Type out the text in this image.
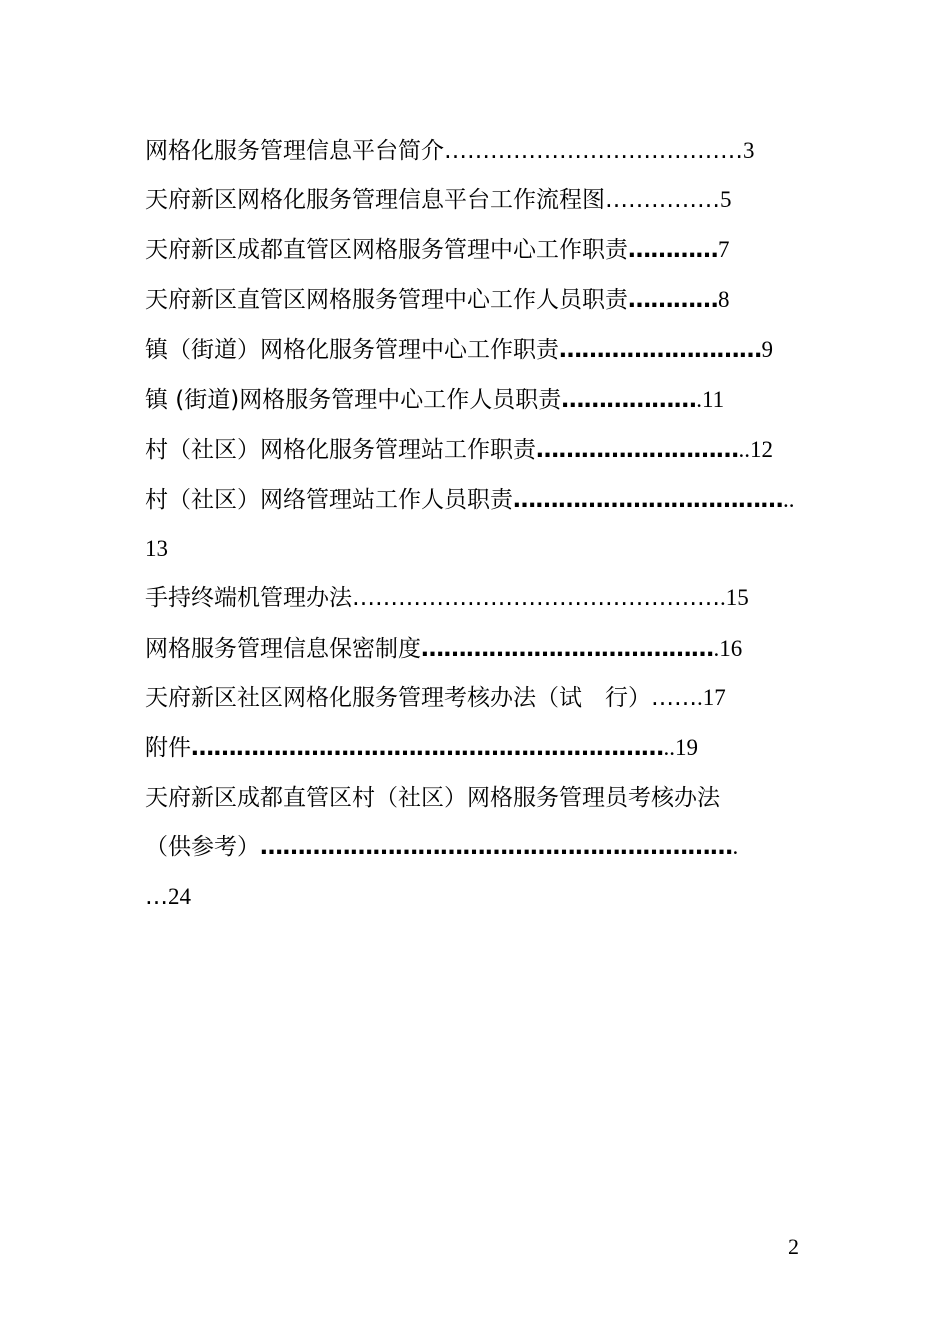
网格化服务管理信息平台简介…………………………………3
天府新区网格化服务管理信息平台工作流程图……………5
天府新区成都直管区网格服务管理中心工作职责…………7
天府新区直管区网格服务管理中心工作人员职责…………8
镇（街道）网格化服务管理中心工作职责………………………9
镇 (街道)网格服务管理中心工作人员职责……………….11
村（社区）网格化服务管理站工作职责………………………..12
村（社区）网络管理站工作人员职责………………………………..
13
手持终端机管理办法………………………………………….15
网格服务管理信息保密制度………………………………….16
天府新区社区网格化服务管理考核办法（试　行）…….17
附件………………………………………………………..19
天府新区成都直管区村（社区）网格服务管理员考核办法
（供参考）……………………………………………………….
…24
2
